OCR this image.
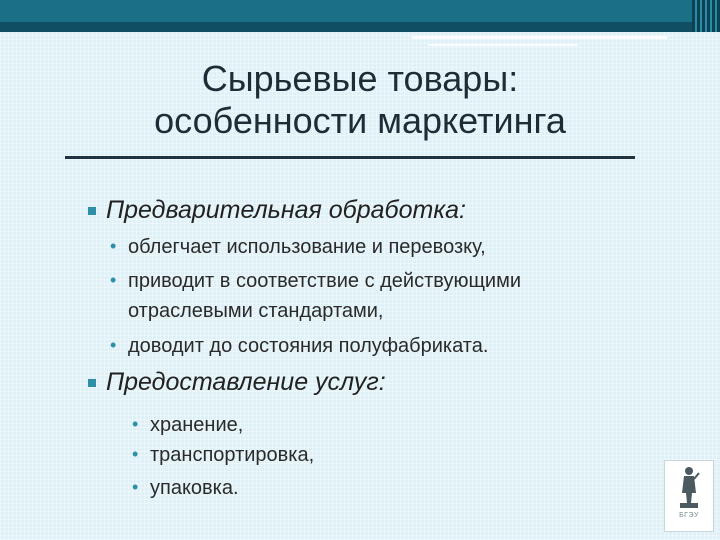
Сырьевые товары:
особенности маркетинга
Предварительная обработка:
• облегчает использование и перевозку,
• приводит в соответствие с действующими
отраслевыми стандартами,
• доводит до состояния полуфабриката.
Предоставление услуг:
• хранение,
• транспортировка,
• упаковка.
БГЭУ
